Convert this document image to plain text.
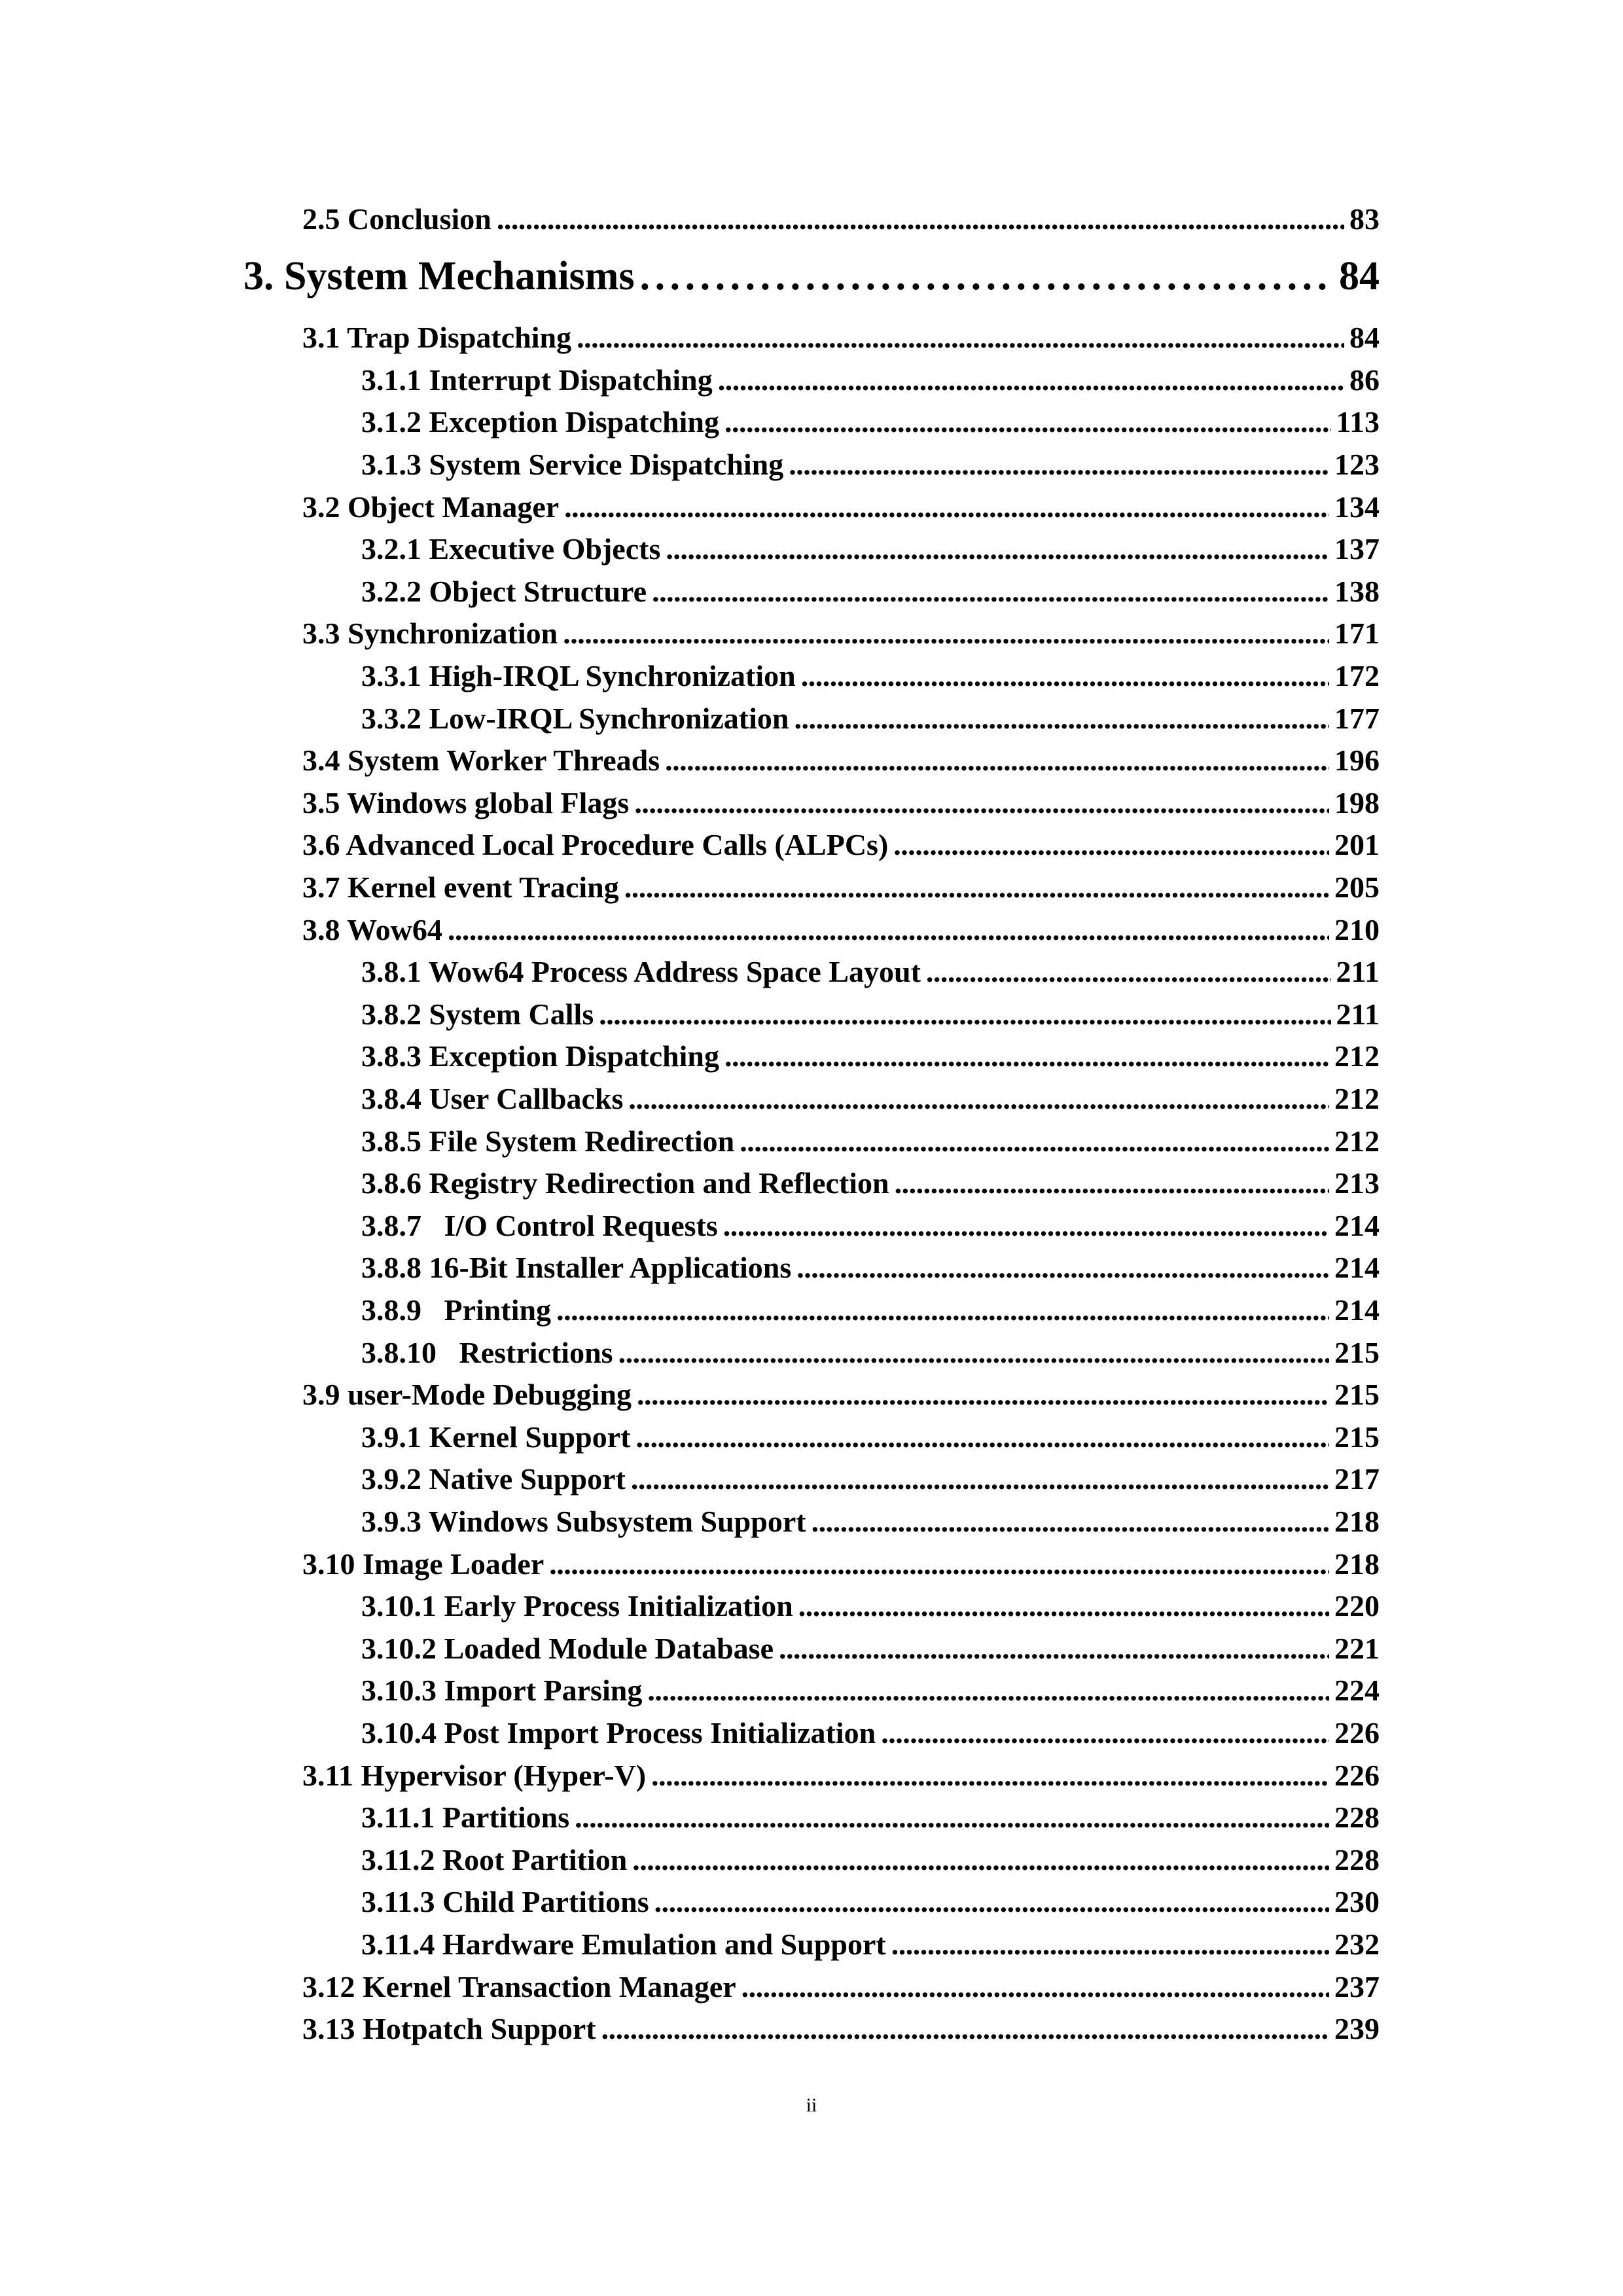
2.5 Conclusion . . .	83
3. System Mechanisms . . .	84
3.1 Trap Dispatching . . .	84
3.1.1 Interrupt Dispatching . . .	86
3.1.2 Exception Dispatching . . .	113
3.1.3 System Service Dispatching . . .	123
3.2 Object Manager . . .	134
3.2.1 Executive Objects . . .	137
3.2.2 Object Structure . . .	138
3.3 Synchronization . . .	171
3.3.1 High-IRQL Synchronization . . .	172
3.3.2 Low-IRQL Synchronization . . .	177
3.4 System Worker Threads . . .	196
3.5 Windows global Flags . . .	198
3.6 Advanced Local Procedure Calls (ALPCs) . . .	201
3.7 Kernel event Tracing . . .	205
3.8 Wow64 . . .	210
3.8.1 Wow64 Process Address Space Layout . . .	211
3.8.2 System Calls . . .	211
3.8.3 Exception Dispatching . . .	212
3.8.4 User Callbacks . . .	212
3.8.5 File System Redirection . . .	212
3.8.6 Registry Redirection and Reflection . . .	213
3.8.7   I/O Control Requests . . .	214
3.8.8 16-Bit Installer Applications . . .	214
3.8.9   Printing . . .	214
3.8.10   Restrictions . . .	215
3.9 user-Mode Debugging . . .	215
3.9.1 Kernel Support . . .	215
3.9.2 Native Support . . .	217
3.9.3 Windows Subsystem Support . . .	218
3.10 Image Loader . . .	218
3.10.1 Early Process Initialization . . .	220
3.10.2 Loaded Module Database . . .	221
3.10.3 Import Parsing . . .	224
3.10.4 Post Import Process Initialization . . .	226
3.11 Hypervisor (Hyper-V) . . .	226
3.11.1 Partitions . . .	228
3.11.2 Root Partition . . .	228
3.11.3 Child Partitions . . .	230
3.11.4 Hardware Emulation and Support . . .	232
3.12 Kernel Transaction Manager . . .	237
3.13 Hotpatch Support . . .	239
ii
